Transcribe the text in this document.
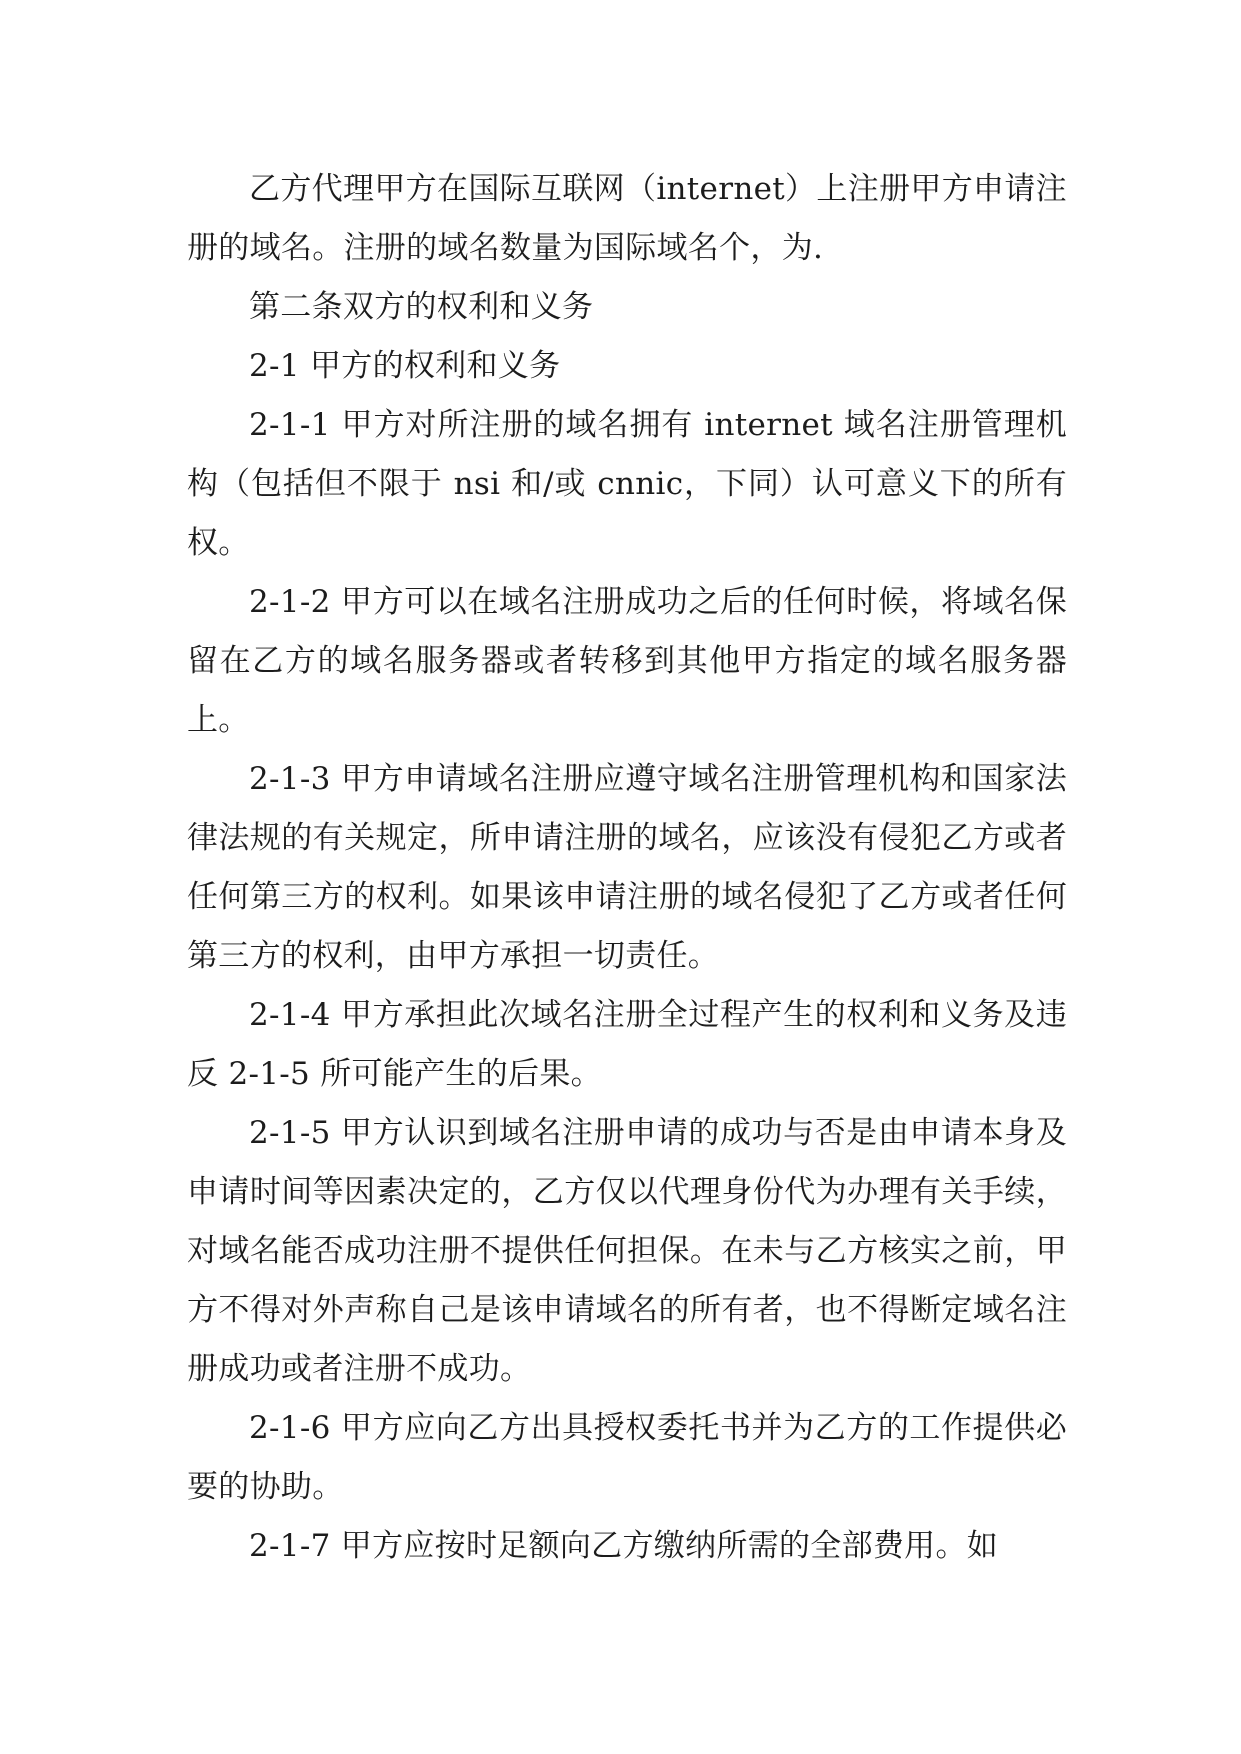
乙方代理甲方在国际互联网（internet）上注册甲方申请注册的域名。注册的域名数量为国际域名个，为.

第二条双方的权利和义务

2-1 甲方的权利和义务

2-1-1 甲方对所注册的域名拥有 internet 域名注册管理机构（包括但不限于 nsi 和/或 cnnic，下同）认可意义下的所有权。

2-1-2 甲方可以在域名注册成功之后的任何时候，将域名保留在乙方的域名服务器或者转移到其他甲方指定的域名服务器上。

2-1-3 甲方申请域名注册应遵守域名注册管理机构和国家法律法规的有关规定，所申请注册的域名，应该没有侵犯乙方或者任何第三方的权利。如果该申请注册的域名侵犯了乙方或者任何第三方的权利，由甲方承担一切责任。

2-1-4 甲方承担此次域名注册全过程产生的权利和义务及违反 2-1-5 所可能产生的后果。

2-1-5 甲方认识到域名注册申请的成功与否是由申请本身及申请时间等因素决定的，乙方仅以代理身份代为办理有关手续，对域名能否成功注册不提供任何担保。在未与乙方核实之前，甲方不得对外声称自己是该申请域名的所有者，也不得断定域名注册成功或者注册不成功。

2-1-6 甲方应向乙方出具授权委托书并为乙方的工作提供必要的协助。

2-1-7 甲方应按时足额向乙方缴纳所需的全部费用。如
